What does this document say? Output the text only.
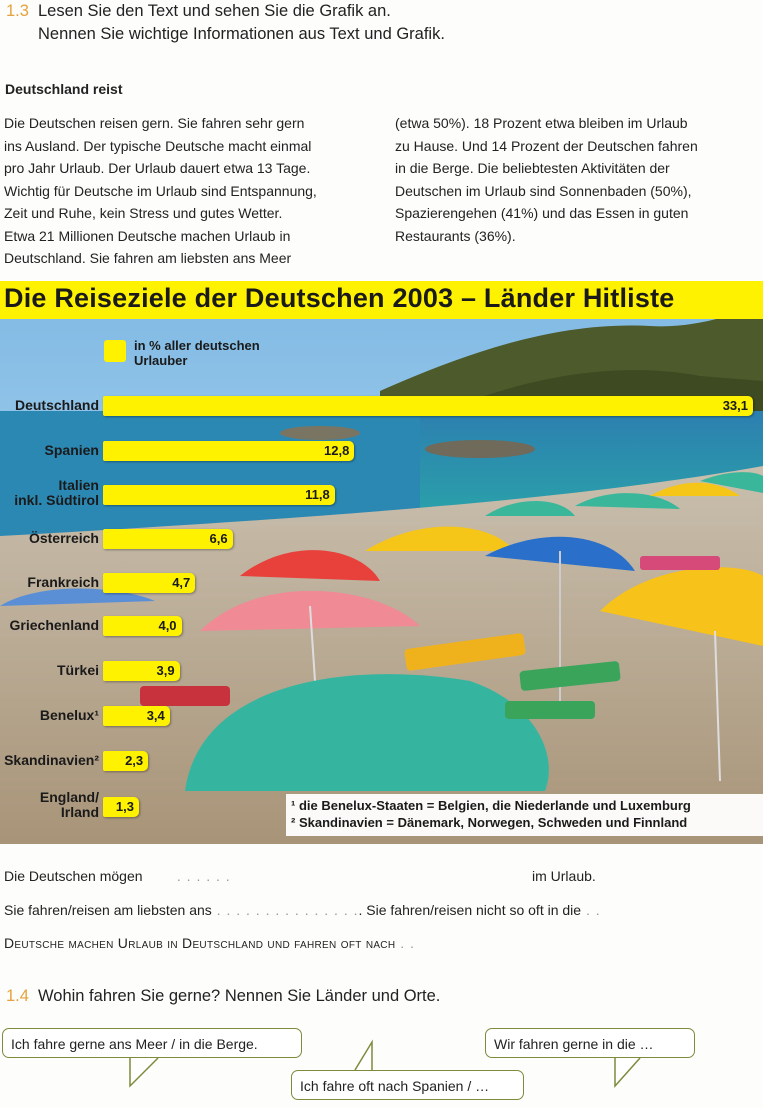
1.3 Lesen Sie den Text und sehen Sie die Grafik an.
Nennen Sie wichtige Informationen aus Text und Grafik.
Deutschland reist
Die Deutschen reisen gern. Sie fahren sehr gern
ins Ausland. Der typische Deutsche macht einmal
pro Jahr Urlaub. Der Urlaub dauert etwa 13 Tage.
Wichtig für Deutsche im Urlaub sind Entspannung,
Zeit und Ruhe, kein Stress und gutes Wetter.
Etwa 21 Millionen Deutsche machen Urlaub in
Deutschland. Sie fahren am liebsten ans Meer
(etwa 50%). 18 Prozent etwa bleiben im Urlaub
zu Hause. Und 14 Prozent der Deutschen fahren
in die Berge. Die beliebtesten Aktivitäten der
Deutschen im Urlaub sind Sonnenbaden (50%),
Spazierengehen (41%) und das Essen in guten
Restaurants (36%).
Die Reiseziele der Deutschen 2003 – Länder Hitliste
in % aller deutschen Urlauber
Deutschland	33,1
Spanien	12,8
Italien
inkl. Südtirol	11,8
Österreich	6,6
Frankreich	4,7
Griechenland	4,0
Türkei	3,9
Benelux¹	3,4
Skandinavien² 2,3
England/
Irland 1,3	¹ die Benelux-Staaten = Belgien, die Niederlande und Luxemburg
² Skandinavien = Dänemark, Norwegen, Schweden und Finnland
Die Deutschen mögen . . . . . .	im Urlaub.
Sie fahren/reisen am liebsten ans . . . . . . . . . . . . . . .. Sie fahren/reisen nicht so oft in die . .
Deutsche machen Urlaub in Deutschland und fahren oft nach . .
1.4 Wohin fahren Sie gerne? Nennen Sie Länder und Orte.
Ich fahre gerne ans Meer / in die Berge.	Wir fahren gerne in die …
Ich fahre oft nach Spanien / …
